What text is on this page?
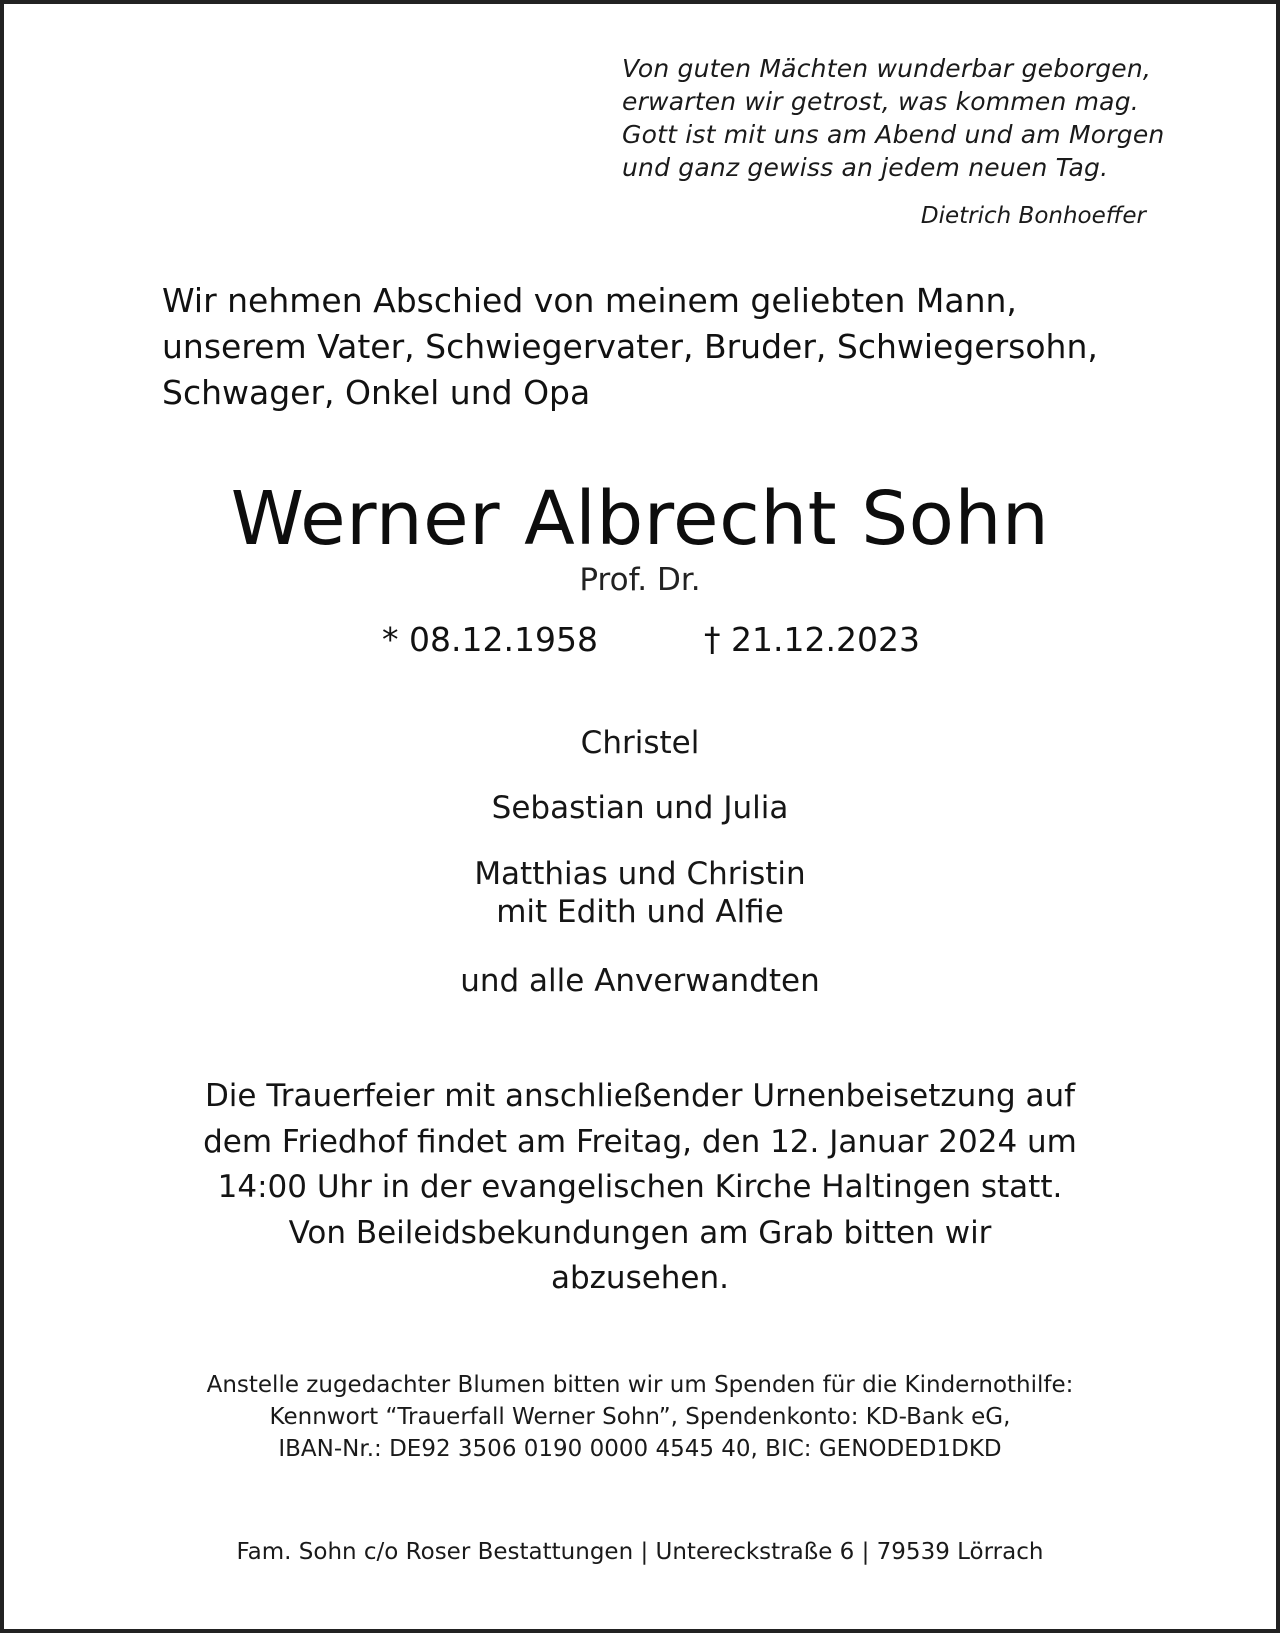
Von guten Mächten wunderbar geborgen,
erwarten wir getrost, was kommen mag.
Gott ist mit uns am Abend und am Morgen
und ganz gewiss an jedem neuen Tag.
Dietrich Bonhoeffer
Wir nehmen Abschied von meinem geliebten Mann,
unserem Vater, Schwiegervater, Bruder, Schwiegersohn,
Schwager, Onkel und Opa
Werner Albrecht Sohn
Prof. Dr.
* 08.12.1958	† 21.12.2023
Christel
Sebastian und Julia
Matthias und Christin
mit Edith und Alfie
und alle Anverwandten
Die Trauerfeier mit anschließender Urnenbeisetzung auf
dem Friedhof findet am Freitag, den 12. Januar 2024 um
14:00 Uhr in der evangelischen Kirche Haltingen statt.
Von Beileidsbekundungen am Grab bitten wir
abzusehen.
Anstelle zugedachter Blumen bitten wir um Spenden für die Kindernothilfe:
Kennwort “Trauerfall Werner Sohn”, Spendenkonto: KD-Bank eG,
IBAN-Nr.: DE92 3506 0190 0000 4545 40, BIC: GENODED1DKD
Fam. Sohn c/o Roser Bestattungen | Untereckstraße 6 | 79539 Lörrach
